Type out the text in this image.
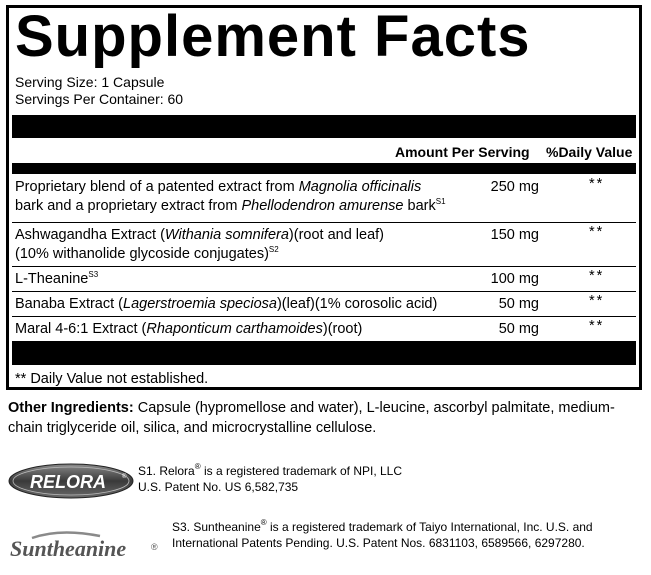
Supplement Facts
Serving Size: 1 Capsule
Servings Per Container: 60
Amount Per Serving %Daily Value
Proprietary blend of a patented extract from Magnolia officinalis
bark and a proprietary extract from Phellodendron amurense bark$^{S1}$
250 mg	**
Ashwagandha Extract (Withania somnifera)(root and leaf)
(10% withanolide glycoside conjugates)$^{S2}$
150 mg	**
L-Theanine$^{S3}$	100 mg	**
Banaba Extract (Lagerstroemia speciosa)(leaf)(1% corosolic acid)	50 mg	**
Maral 4-6:1 Extract (Rhaponticum carthamoides)(root)	50 mg	**
** Daily Value not established.
Other Ingredients: Capsule (hypromellose and water), L-leucine, ascorbyl palmitate, medium-chain triglyceride oil, silica, and microcrystalline cellulose.
RELORA	® S1. Relora® is a registered trademark of NPI, LLC
U.S. Patent No. US 6,582,735
Suntheanine	®
S3. Suntheanine® is a registered trademark of Taiyo International, Inc. U.S. and International Patents Pending. U.S. Patent Nos. 6831103, 6589566, 6297280.
